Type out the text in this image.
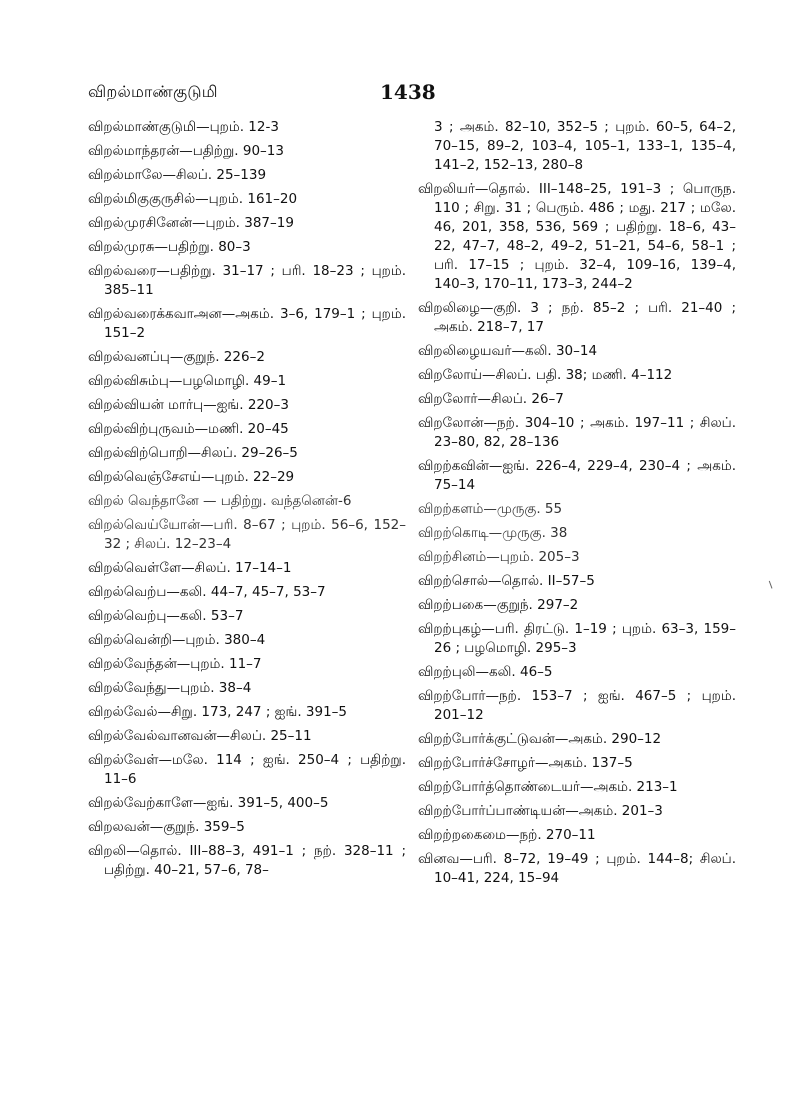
விறல்மாண்குடுமி	1438

விறல்மாண்குடுமி—புறம். 12-3

விறல்மாந்தரன்—பதிற்று. 90–13

விறல்மாலே—சிலப். 25–139

விறல்மிகுகுருசில்—புறம். 161–20

விறல்முரசினேன்—புறம். 387–19

விறல்முரசு—பதிற்று. 80–3

விறல்வரை—பதிற்று. 31–17 ; பரி. 18–23 ; புறம். 385–11

விறல்வரைக்கவாஅன—அகம். 3–6, 179–1 ; புறம். 151–2

விறல்வனப்பு—குறுந். 226–2

விறல்விசும்பு—பழமொழி. 49–1

விறல்வியன் மார்பு—ஐங். 220–3

விறல்விற்புருவம்—மணி. 20–45

விறல்விற்பொறி—சிலப். 29–26–5

விறல்வெஞ்சேஎய்—புறம். 22–29

விறல் வெந்தானே — பதிற்று. வந்தனென்-6

விறல்வெய்யோன்—பரி. 8–67 ; புறம். 56–6, 152–32 ; சிலப். 12–23–4

விறல்வெள்ளே—சிலப். 17–14–1

விறல்வெற்ப—கலி. 44–7, 45–7, 53–7

விறல்வெற்பு—கலி. 53–7

விறல்வென்றி—புறம். 380–4

விறல்வேந்தன்—புறம். 11–7

விறல்வேந்து—புறம். 38–4

விறல்வேல்—சிறு. 173, 247 ; ஐங். 391–5

விறல்வேல்வானவன்—சிலப். 25–11

விறல்வேள்—மலே. 114 ; ஐங். 250–4 ; பதிற்று. 11–6

விறல்வேற்காளே—ஐங். 391–5, 400–5

விறலவன்—குறுந். 359–5

விறலி—தொல். III–88–3, 491–1 ; நற். 328–11 ; பதிற்று. 40–21, 57–6, 78–

3 ; அகம். 82–10, 352–5 ; புறம். 60–5, 64–2, 70–15, 89–2, 103–4, 105–1, 133–1, 135–4, 141–2, 152–13, 280–8

விறலியர்—தொல். III–148–25, 191–3 ; பொருந. 110 ; சிறு. 31 ; பெரும். 486 ; மது. 217 ; மலே. 46, 201, 358, 536, 569 ; பதிற்று. 18–6, 43–22, 47–7, 48–2, 49–2, 51–21, 54–6, 58–1 ; பரி. 17–15 ; புறம். 32–4, 109–16, 139–4, 140–3, 170–11, 173–3, 244–2

விறலிழை—குறி. 3 ; நற். 85–2 ; பரி. 21–40 ; அகம். 218–7, 17

விறலிழையவர்—கலி. 30–14

விறலோய்—சிலப். பதி. 38; மணி. 4–112

விறலோர்—சிலப். 26–7

விறலோன்—நற். 304–10 ; அகம். 197–11 ; சிலப். 23–80, 82, 28–136

விறற்கவின்—ஐங். 226–4, 229–4, 230–4 ; அகம். 75–14

விறற்களம்—முருகு. 55

விறற்கொடி—முருகு. 38

விறற்சினம்—புறம். 205–3

விறற்சொல்—தொல். II–57–5

விறற்பகை—குறுந். 297–2

விறற்புகழ்—பரி. திரட்டு. 1–19 ; புறம். 63–3, 159–26 ; பழமொழி. 295–3

விறற்புலி—கலி. 46–5

விறற்போர்—நற். 153–7 ; ஐங். 467–5 ; புறம். 201–12

விறற்போர்க்குட்டுவன்—அகம். 290–12

விறற்போர்ச்சோழர்—அகம். 137–5

விறற்போர்த்தொண்டையர்—அகம். 213–1

விறற்போர்ப்பாண்டியன்—அகம். 201–3

விறற்றகைமை—நற். 270–11

வினவ—பரி. 8–72, 19–49 ; புறம். 144–8; சிலப். 10–41, 224, 15–94
